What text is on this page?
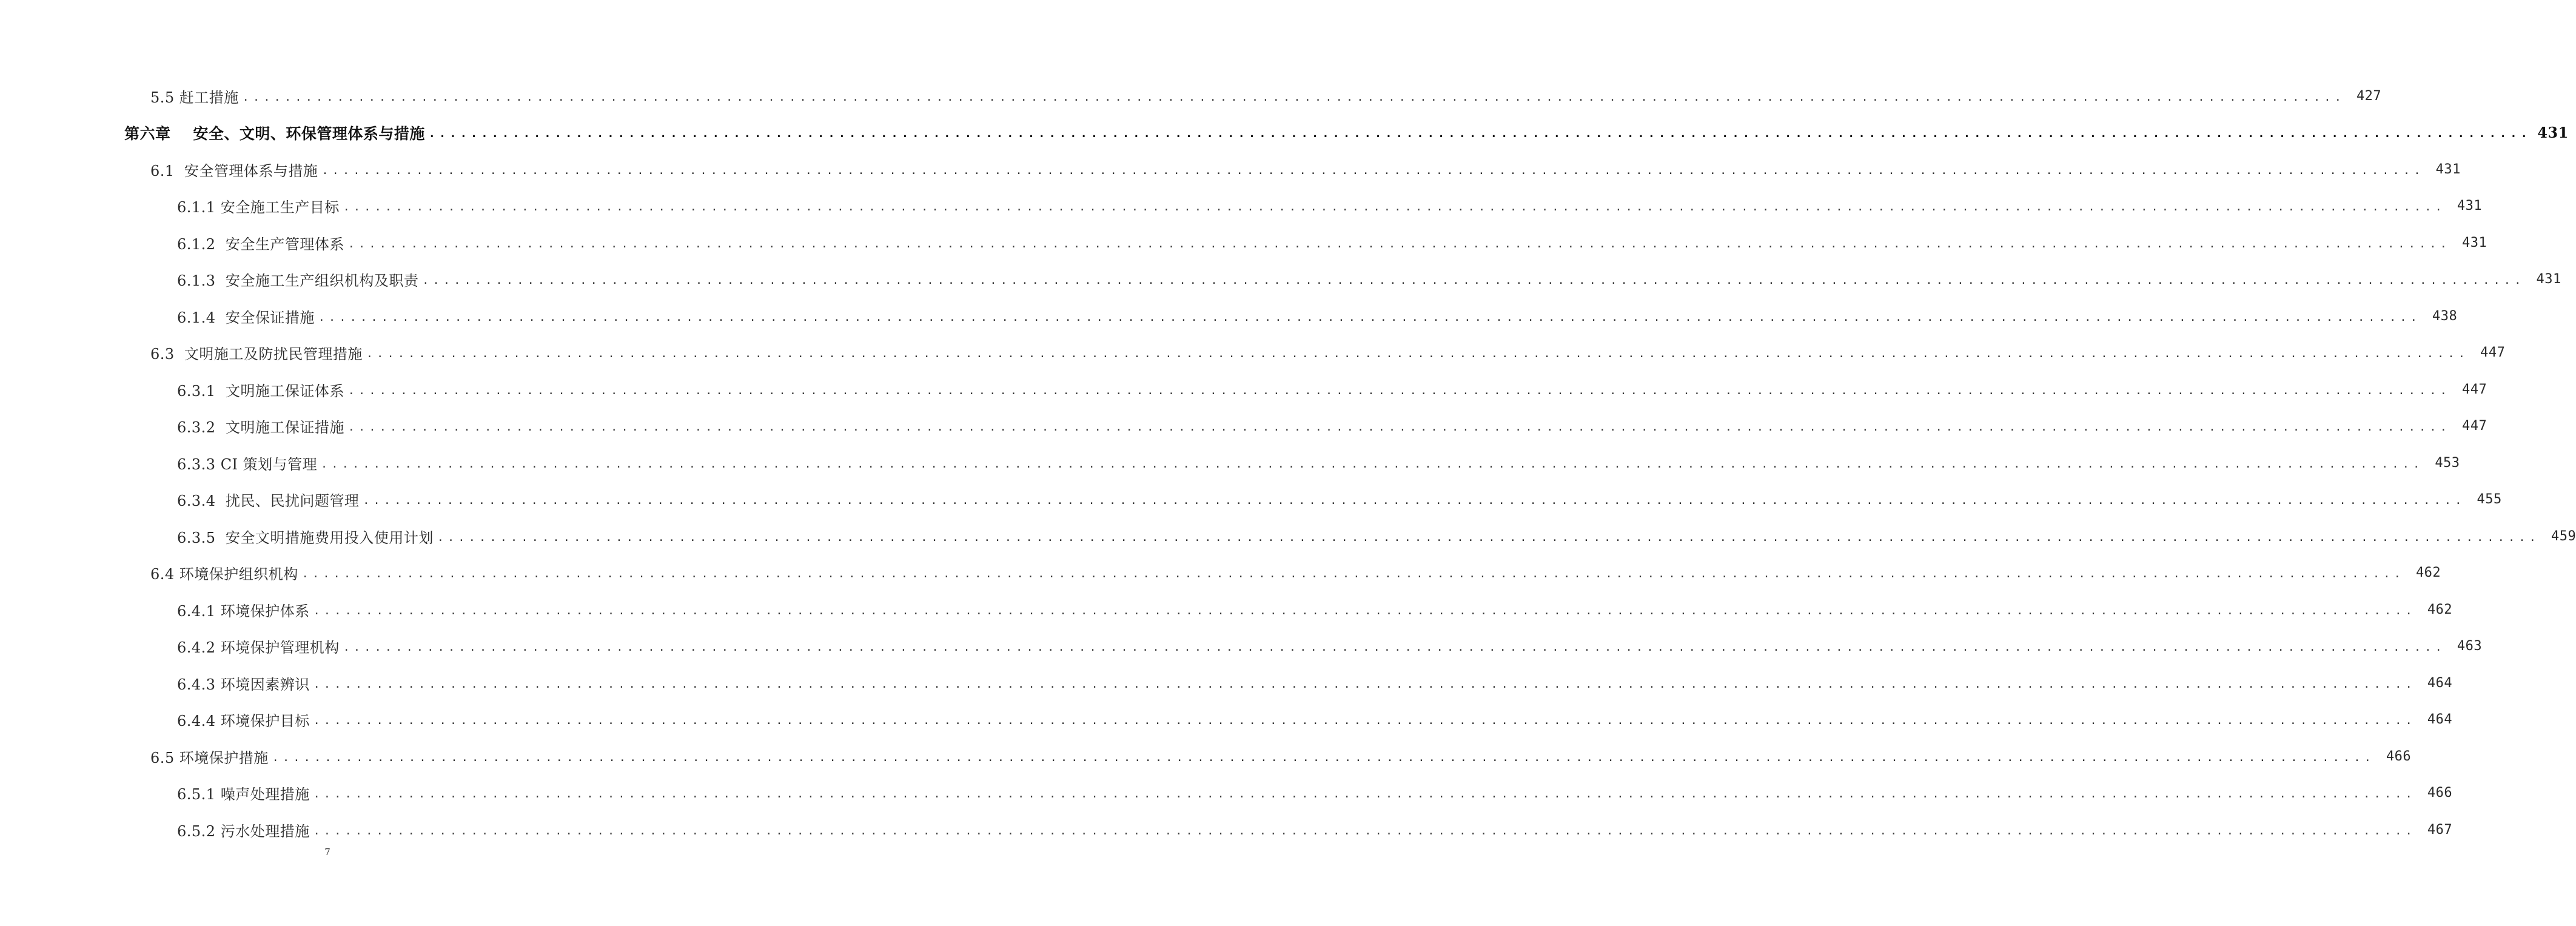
5.5 赶工措施 ........................................................................................................................................................................................................ 427
第六章    安全、文明、环保管理体系与措施 ........................................................................................................................................................................................................ 431
6.1  安全管理体系与措施 ........................................................................................................................................................................................................ 431
6.1.1 安全施工生产目标 ........................................................................................................................................................................................................ 431
6.1.2  安全生产管理体系 ........................................................................................................................................................................................................ 431
6.1.3  安全施工生产组织机构及职责 ........................................................................................................................................................................................................ 431
6.1.4  安全保证措施 ........................................................................................................................................................................................................ 438
6.3  文明施工及防扰民管理措施 ........................................................................................................................................................................................................ 447
6.3.1  文明施工保证体系 ........................................................................................................................................................................................................ 447
6.3.2  文明施工保证措施 ........................................................................................................................................................................................................ 447
6.3.3 CI 策划与管理 ........................................................................................................................................................................................................ 453
6.3.4  扰民、民扰问题管理 ........................................................................................................................................................................................................ 455
6.3.5  安全文明措施费用投入使用计划 ........................................................................................................................................................................................................ 459
6.4 环境保护组织机构 ........................................................................................................................................................................................................ 462
6.4.1 环境保护体系 ........................................................................................................................................................................................................ 462
6.4.2 环境保护管理机构 ........................................................................................................................................................................................................ 463
6.4.3 环境因素辨识 ........................................................................................................................................................................................................ 464
6.4.4 环境保护目标 ........................................................................................................................................................................................................ 464
6.5 环境保护措施 ........................................................................................................................................................................................................ 466
6.5.1 噪声处理措施 ........................................................................................................................................................................................................ 466
6.5.2 污水处理措施 ........................................................................................................................................................................................................ 467
7
